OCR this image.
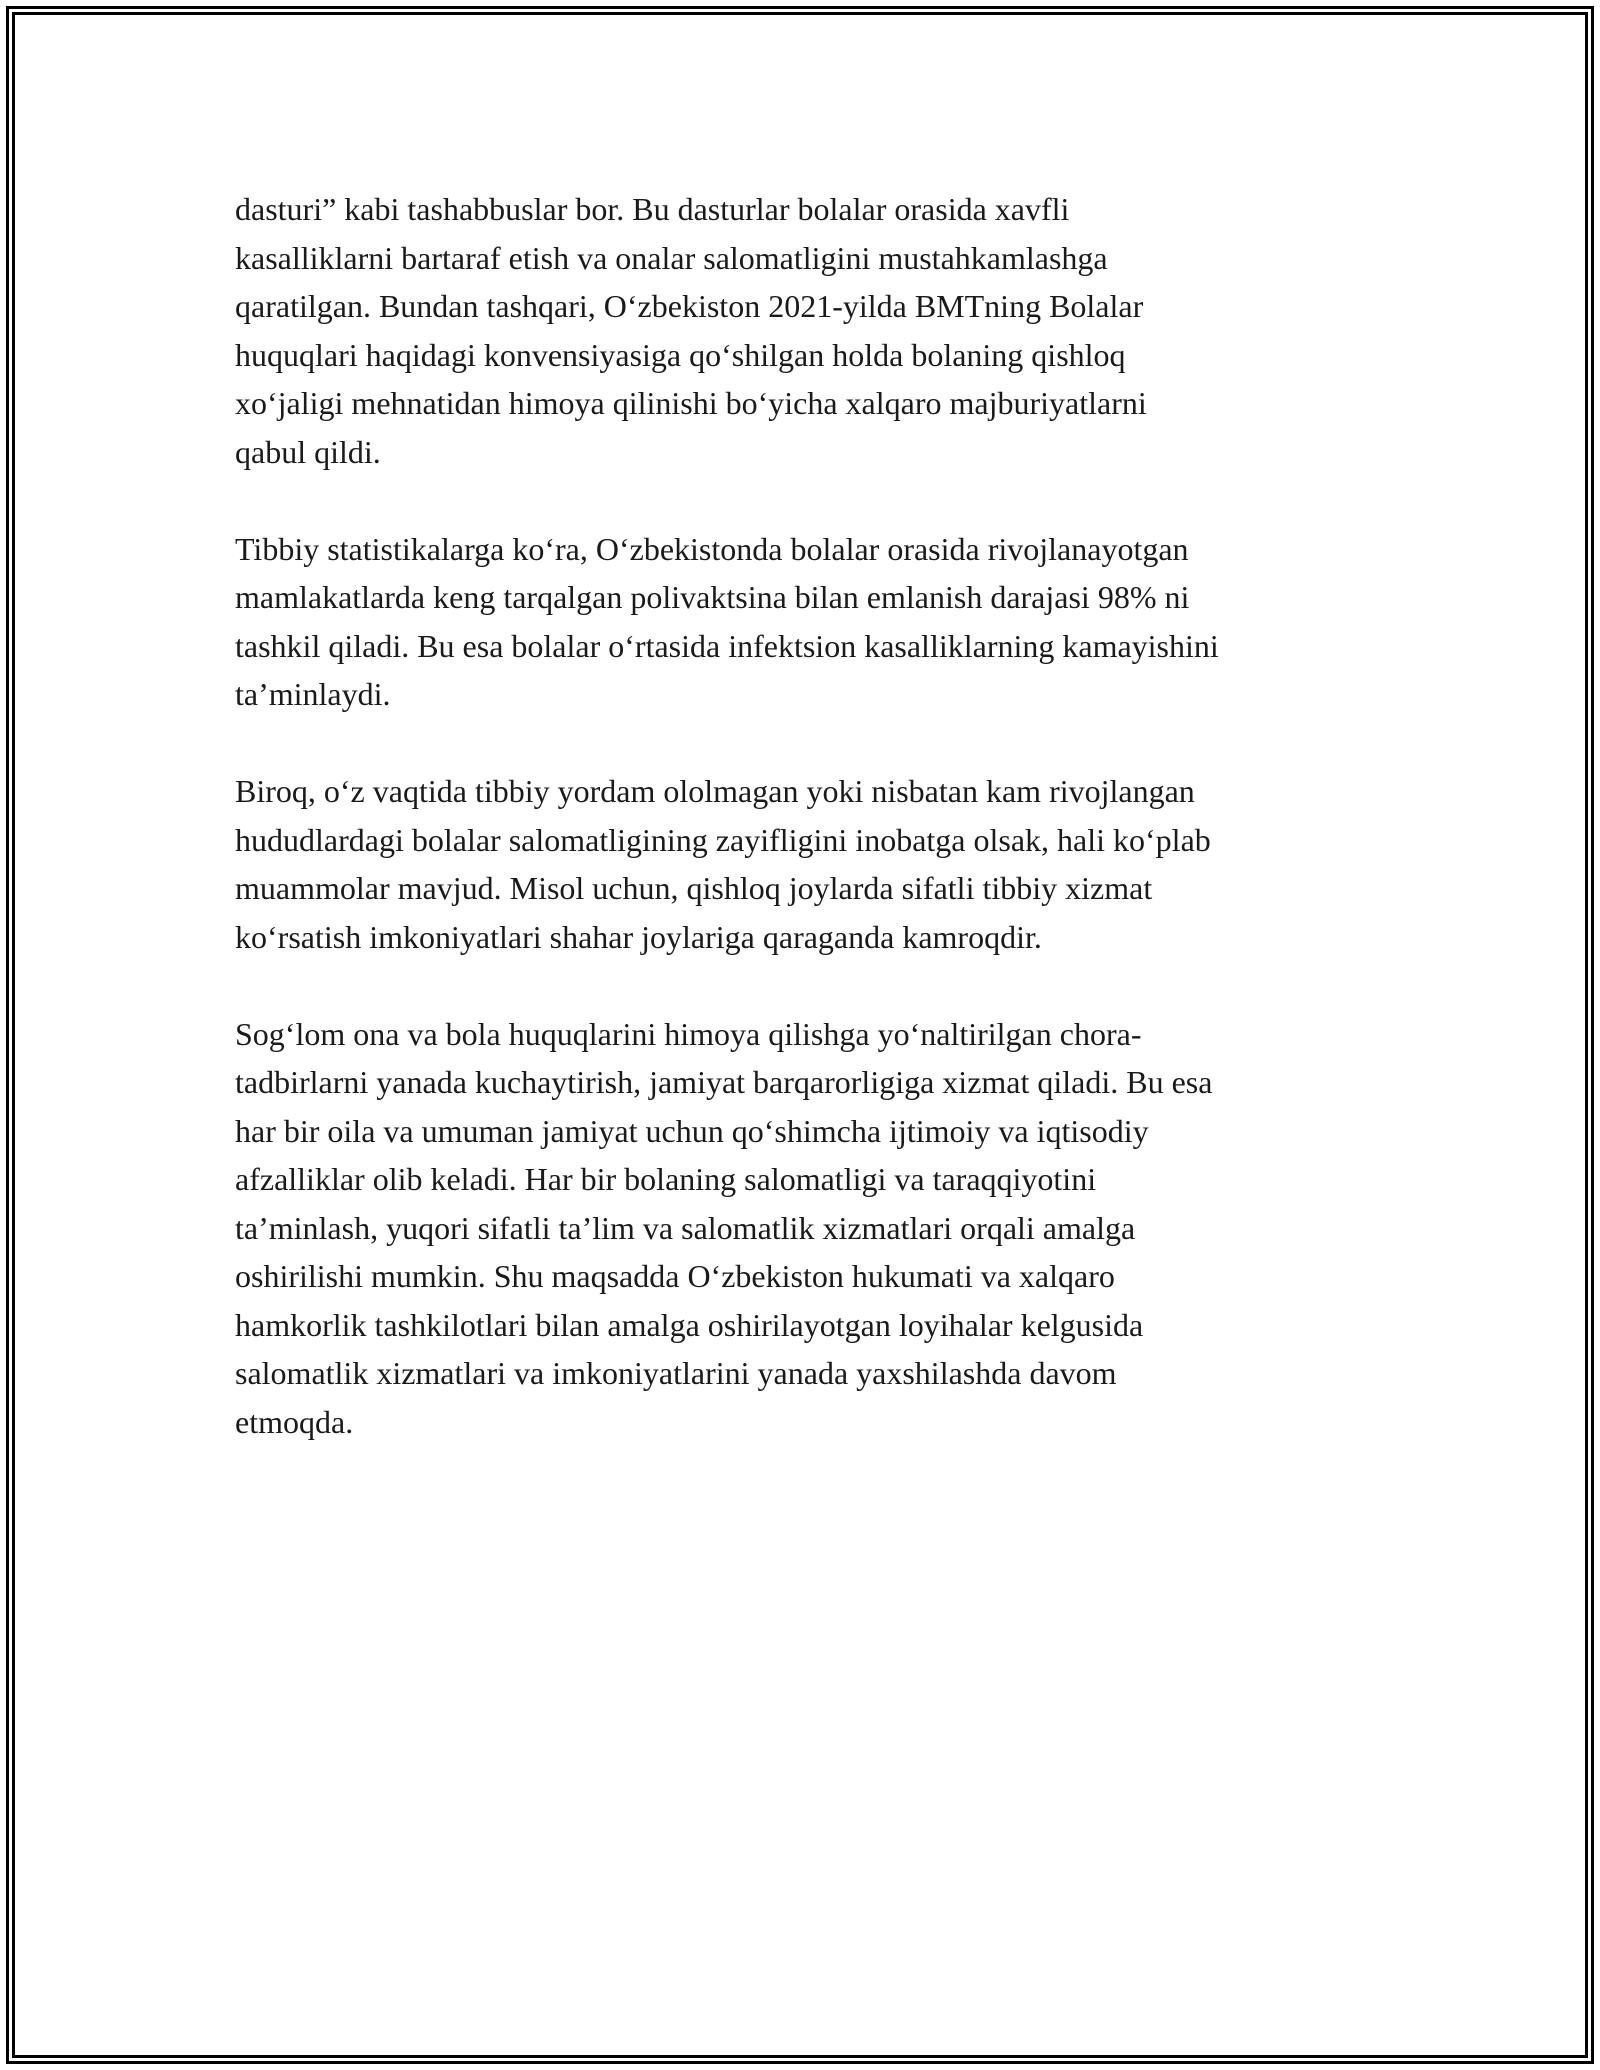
dasturi” kabi tashabbuslar bor. Bu dasturlar bolalar orasida xavfli
kasalliklarni bartaraf etish va onalar salomatligini mustahkamlashga
qaratilgan. Bundan tashqari, O‘zbekiston 2021-yilda BMTning Bolalar
huquqlari haqidagi konvensiyasiga qo‘shilgan holda bolaning qishloq
xo‘jaligi mehnatidan himoya qilinishi bo‘yicha xalqaro majburiyatlarni
qabul qildi.

Tibbiy statistikalarga ko‘ra, O‘zbekistonda bolalar orasida rivojlanayotgan
mamlakatlarda keng tarqalgan polivaktsina bilan emlanish darajasi 98% ni
tashkil qiladi. Bu esa bolalar o‘rtasida infektsion kasalliklarning kamayishini
ta’minlaydi.

Biroq, o‘z vaqtida tibbiy yordam ololmagan yoki nisbatan kam rivojlangan
hududlardagi bolalar salomatligining zayifligini inobatga olsak, hali ko‘plab
muammolar mavjud. Misol uchun, qishloq joylarda sifatli tibbiy xizmat
ko‘rsatish imkoniyatlari shahar joylariga qaraganda kamroqdir.

Sog‘lom ona va bola huquqlarini himoya qilishga yo‘naltirilgan chora-
tadbirlarni yanada kuchaytirish, jamiyat barqarorligiga xizmat qiladi. Bu esa
har bir oila va umuman jamiyat uchun qo‘shimcha ijtimoiy va iqtisodiy
afzalliklar olib keladi. Har bir bolaning salomatligi va taraqqiyotini
ta’minlash, yuqori sifatli ta’lim va salomatlik xizmatlari orqali amalga
oshirilishi mumkin. Shu maqsadda O‘zbekiston hukumati va xalqaro
hamkorlik tashkilotlari bilan amalga oshirilayotgan loyihalar kelgusida
salomatlik xizmatlari va imkoniyatlarini yanada yaxshilashda davom
etmoqda.
